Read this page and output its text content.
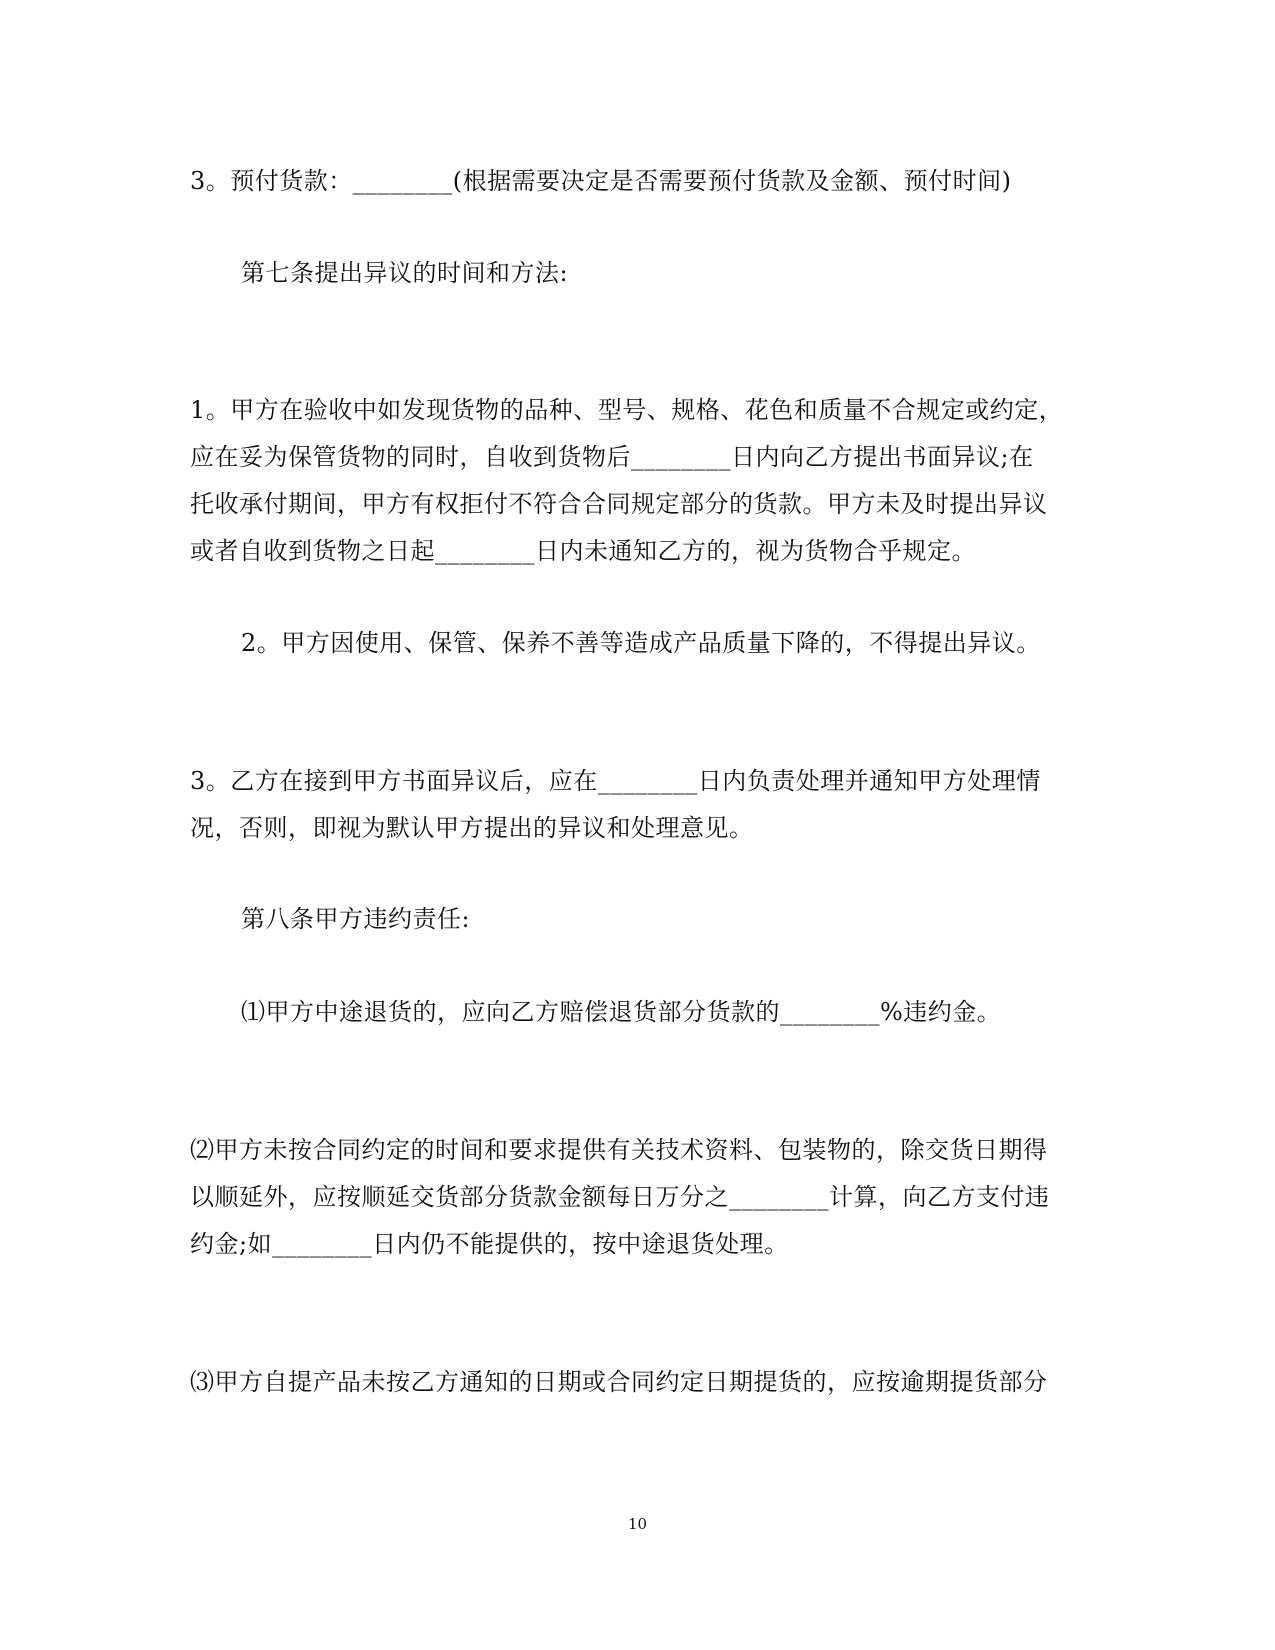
3。预付货款：________(根据需要决定是否需要预付货款及金额、预付时间)
第七条提出异议的时间和方法:
1。甲方在验收中如发现货物的品种、型号、规格、花色和质量不合规定或约定，
应在妥为保管货物的同时，自收到货物后________日内向乙方提出书面异议;在
托收承付期间，甲方有权拒付不符合合同规定部分的货款。甲方未及时提出异议
或者自收到货物之日起________日内未通知乙方的，视为货物合乎规定。
2。甲方因使用、保管、保养不善等造成产品质量下降的，不得提出异议。
3。乙方在接到甲方书面异议后，应在________日内负责处理并通知甲方处理情
况，否则，即视为默认甲方提出的异议和处理意见。
第八条甲方违约责任:
⑴甲方中途退货的，应向乙方赔偿退货部分货款的________%违约金。
⑵甲方未按合同约定的时间和要求提供有关技术资料、包装物的，除交货日期得
以顺延外，应按顺延交货部分货款金额每日万分之________计算，向乙方支付违
约金;如________日内仍不能提供的，按中途退货处理。
⑶甲方自提产品未按乙方通知的日期或合同约定日期提货的，应按逾期提货部分
10
